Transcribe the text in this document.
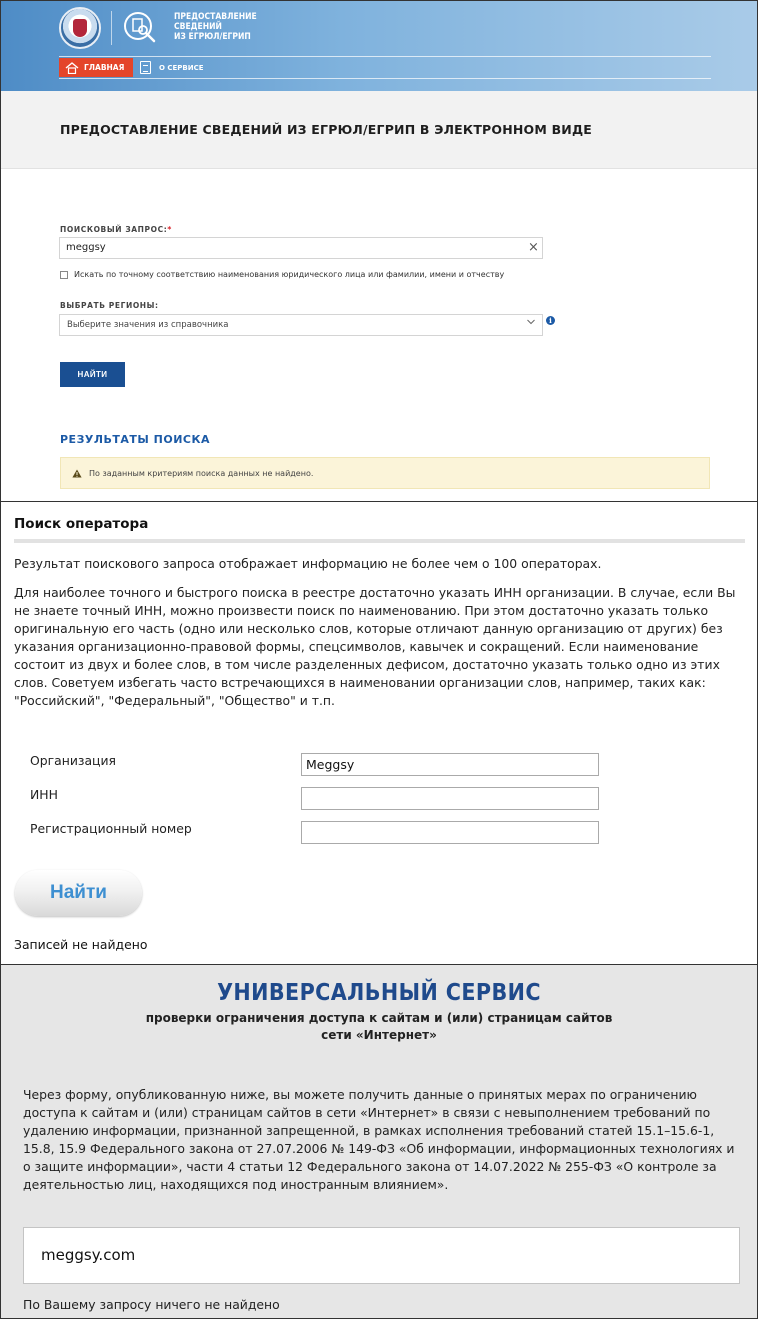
ПРЕДОСТАВЛЕНИЕ
СВЕДЕНИЙ
ИЗ ЕГРЮЛ/ЕГРИП
ГЛАВНАЯ	О СЕРВИСЕ
ПРЕДОСТАВЛЕНИЕ СВЕДЕНИЙ ИЗ ЕГРЮЛ/ЕГРИП В ЭЛЕКТРОННОМ ВИДЕ
ПОИСКОВЫЙ ЗАПРОС:*
meggsy	×
Искать по точному соответствию наименования юридического лица или фамилии, имени и отчеству
ВЫБРАТЬ РЕГИОНЫ:
Выберите значения из справочника	i
НАЙТИ
РЕЗУЛЬТАТЫ ПОИСКА
По заданным критериям поиска данных не найдено.
Поиск оператора

Результат поискового запроса отображает информацию не более чем о 100 операторах.

Для наиболее точного и быстрого поиска в реестре достаточно указать ИНН организации. В случае, если Вы не знаете точный ИНН, можно произвести поиск по наименованию. При этом достаточно указать только оригинальную его часть (одно или несколько слов, которые отличают данную организацию от других) без указания организационно-правовой формы, спецсимволов, кавычек и сокращений. Если наименование состоит из двух и более слов, в том числе разделенных дефисом, достаточно указать только одно из этих слов. Советуем избегать часто встречающихся в наименовании организации слов, например, таких как: "Российский", "Федеральный", "Общество" и т.п.

Организация	Meggsy
ИНН
Регистрационный номер
Найти
Записей не найдено
УНИВЕРСАЛЬНЫЙ СЕРВИС
проверки ограничения доступа к сайтам и (или) страницам сайтов
сети «Интернет»

Через форму, опубликованную ниже, вы можете получить данные о принятых мерах по ограничению доступа к сайтам и (или) страницам сайтов в сети «Интернет» в связи с невыполнением требований по удалению информации, признанной запрещенной, в рамках исполнения требований статей 15.1–15.6-1, 15.8, 15.9 Федерального закона от 27.07.2006 № 149-ФЗ «Об информации, информационных технологиях и о защите информации», части 4 статьи 12 Федерального закона от 14.07.2022 № 255-ФЗ «О контроле за деятельностью лиц, находящихся под иностранным влиянием».

meggsy.com
По Вашему запросу ничего не найдено
